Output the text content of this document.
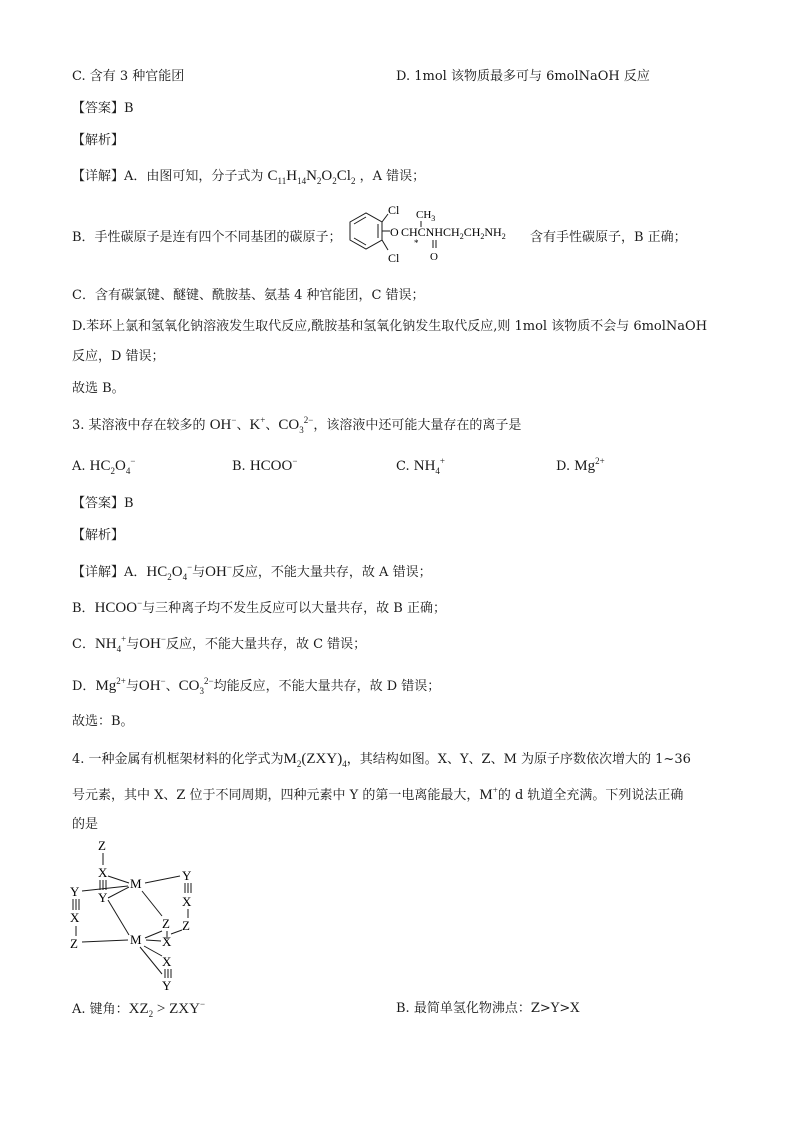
C. 含有 3 种官能团	D. 1mol 该物质最多可与 6molNaOH 反应
【答案】B
【解析】
【详解】A．由图可知，分子式为 $C_{11}H_{14}N_2O_2Cl_2$ ，A 错误；
B．手性碳原子是连有四个不同基团的碳原子；
Cl
Cl
O
$CH_3$
$CHCNHCH_2CH_2NH_2$
*
O
含有手性碳原子，B 正确；
C．含有碳氯键、醚键、酰胺基、氨基 4 种官能团，C 错误；
D.苯环上氯和氢氧化钠溶液发生取代反应,酰胺基和氢氧化钠发生取代反应,则 1mol 该物质不会与 6molNaOH
反应，D 错误；
故选 B。
3. 某溶液中存在较多的 OH−、K+、$CO_3^{2-}$，该溶液中还可能大量存在的离子是
A. $HC_2O_4^-$	B. HCOO−	C. $NH_4^+$	D. $Mg^{2+}$
【答案】B
【解析】
【详解】A．$HC_2O_4^-$与OH−反应，不能大量共存，故 A 错误；
B．HCOO−与三种离子均不发生反应可以大量共存，故 B 正确；
C．$NH_4^+$与OH−反应，不能大量共存，故 C 错误；
D．$Mg^{2+}$与OH−、$CO_3^{2-}$均能反应，不能大量共存，故 D 错误；
故选：B。
4. 一种金属有机框架材料的化学式为$M_2(ZXY)_4$，其结构如图。X、Y、Z、M 为原子序数依次增大的 1~36
号元素，其中 X、Z 位于不同周期，四种元素中 Y 的第一电离能最大，M+的 d 轨道全充满。下列说法正确
的是
Z
X
Y
M
Y
X
Z
Y
X
Z
Z
M X
X
Y
A. 键角：$XZ_2 > ZXY^-$	B. 最简单氢化物沸点：Z>Y>X
